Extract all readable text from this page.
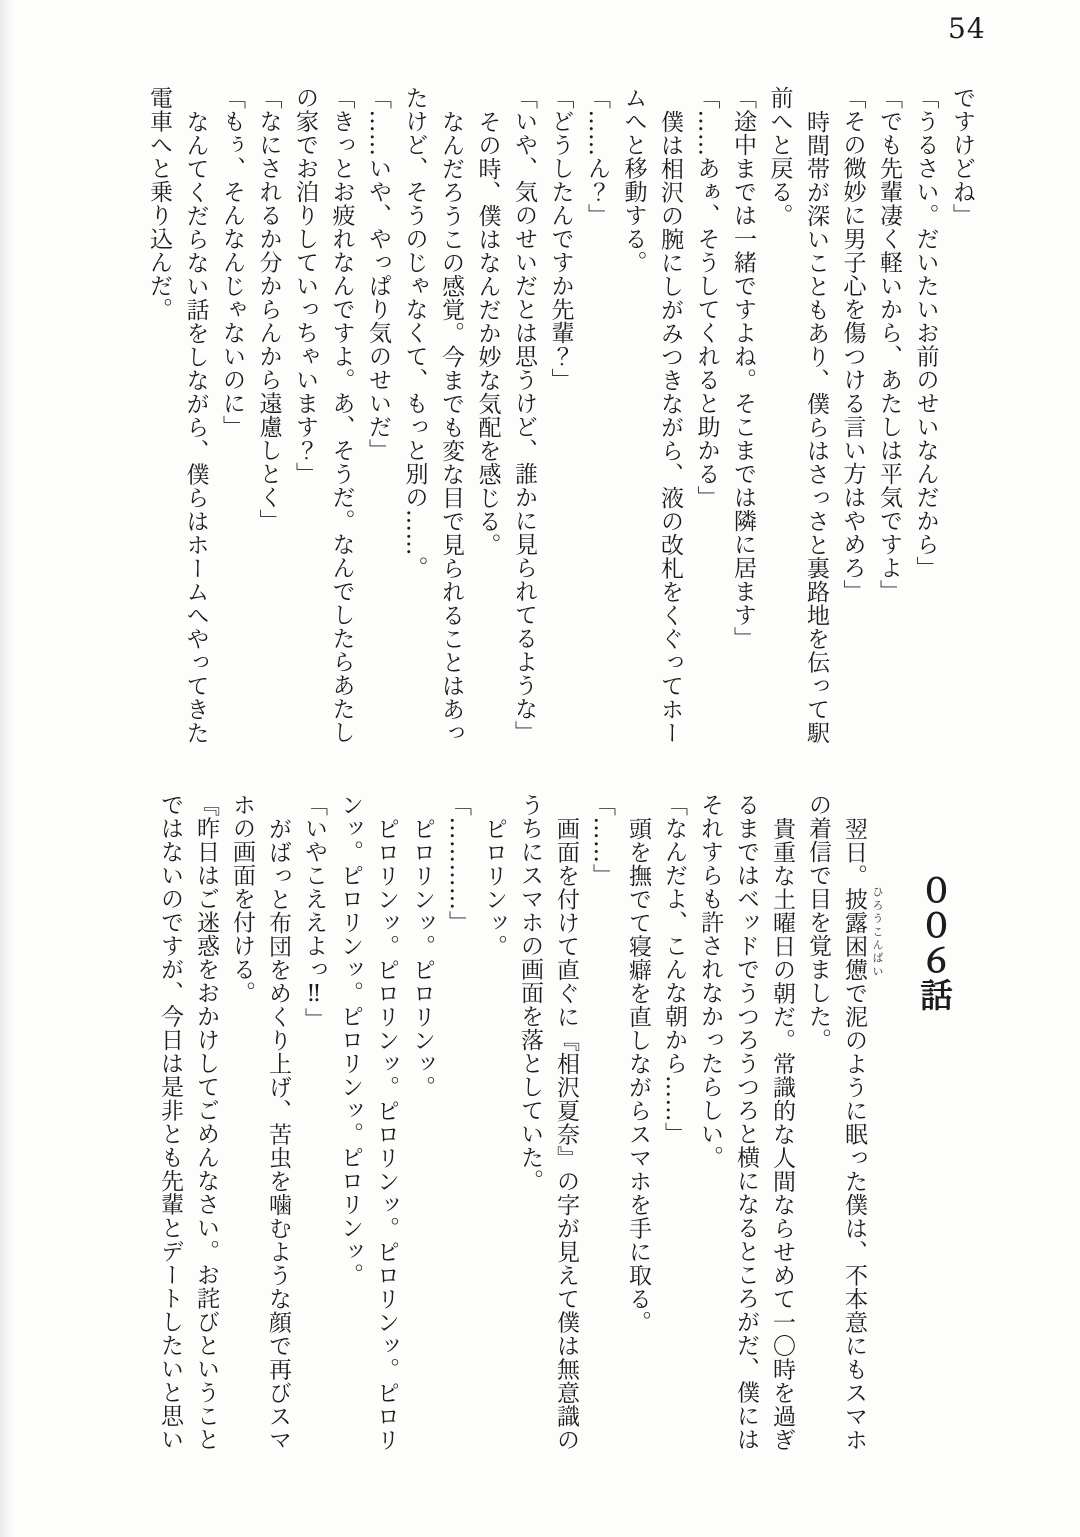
54
ですけどね」
「うるさい。だいたいお前のせいなんだから」
「でも先輩凄く軽いから、あたしは平気ですよ」
「その微妙に男子心を傷つける言い方はやめろ」
時間帯が深いこともあり、僕らはさっさと裏路地を伝って駅
前へと戻る。
「途中までは一緒ですよね。そこまでは隣に居ます」
「……あぁ、そうしてくれると助かる」
僕は相沢の腕にしがみつきながら、液の改札をくぐってホー
ムへと移動する。
「……ん？」
「どうしたんですか先輩？」
「いや、気のせいだとは思うけど、誰かに見られてるような」
その時、僕はなんだか妙な気配を感じる。
なんだろうこの感覚。今までも変な目で見られることはあっ
たけど、そうのじゃなくて、もっと別の……。
「……いや、やっぱり気のせいだ」
「きっとお疲れなんですよ。あ、そうだ。なんでしたらあたし
の家でお泊りしていっちゃいます？」
「なにされるか分からんから遠慮しとく」
「もぅ、そんなんじゃないのに」
なんてくだらない話をしながら、僕らはホームへやってきた
電車へと乗り込んだ。
００６話
翌日。披露困憊で泥のように眠った僕は、不本意にもスマホ
の着信で目を覚ました。
貴重な土曜日の朝だ。常識的な人間ならせめて一〇時を過ぎ
るまではベッドでうつろうつろと横になるところがだ、僕には
それすらも許されなかったらしい。
「なんだよ、こんな朝から……」
頭を撫でて寝癖を直しながらスマホを手に取る。
「……」
画面を付けて直ぐに『相沢夏奈』の字が見えて僕は無意識の
うちにスマホの画面を落としていた。
ピロリンッ。
「…………」
ピロリンッ。ピロリンッ。
ピロリンッ。ピロリンッ。ピロリンッ。ピロリンッ。ピロリ
ンッ。ピロリンッ。ピロリンッ。ピロリンッ。
「いやこええよっ‼」
がばっと布団をめくり上げ、苦虫を噛むような顔で再びスマ
ホの画面を付ける。
『昨日はご迷惑をおかけしてごめんなさい。お詫びということ
ではないのですが、今日は是非とも先輩とデートしたいと思い	ひろうこんばい
